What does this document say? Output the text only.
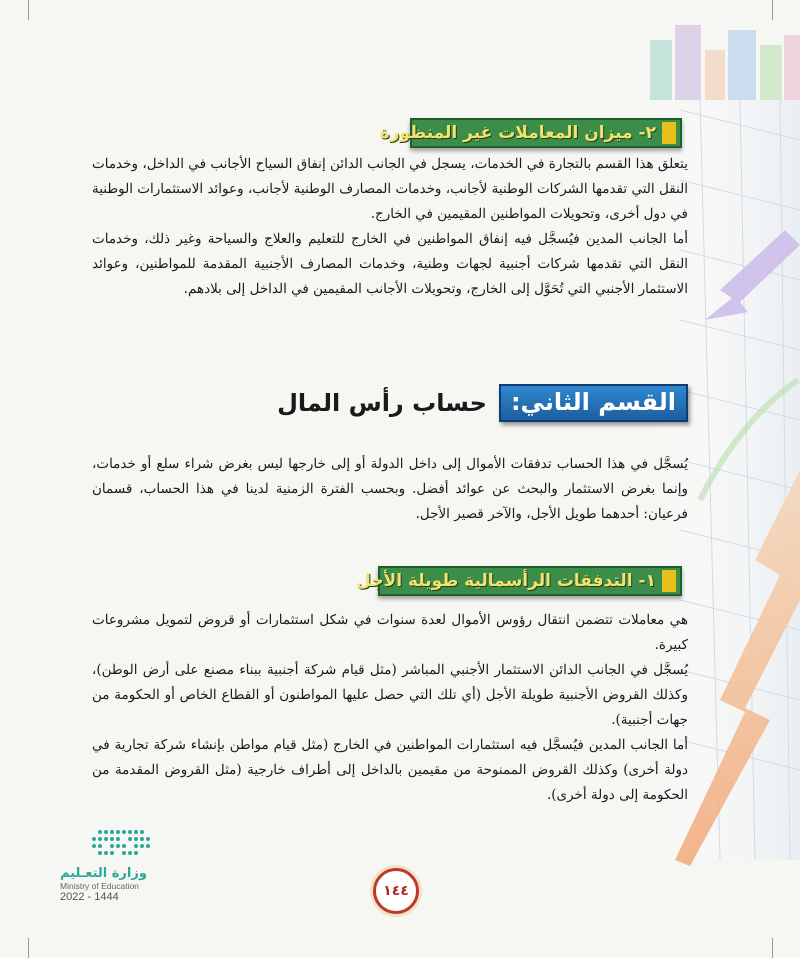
٢- ميزان المعاملات غير المنظورة

يتعلق هذا القسم بالتجارة في الخدمات، يسجل في الجانب الدائن إنفاق السياح الأجانب في الداخل، وخدمات النقل التي تقدمها الشركات الوطنية لأجانب، وخدمات المصارف الوطنية لأجانب، وعوائد الاستثمارات الوطنية في دول أخرى، وتحويلات المواطنين المقيمين في الخارج.

أما الجانب المدين فيُسجَّل فيه إنفاق المواطنين في الخارج للتعليم والعلاج والسياحة وغير ذلك، وخدمات النقل التي تقدمها شركات أجنبية لجهات وطنية، وخدمات المصارف الأجنبية المقدمة للمواطنين، وعوائد الاستثمار الأجنبي التي تُحَوَّل إلى الخارج، وتحويلات الأجانب المقيمين في الداخل إلى بلادهم.

القسم الثاني:
حساب رأس المال

يُسجَّل في هذا الحساب تدفقات الأموال إلى داخل الدولة أو إلى خارجها ليس بغرض شراء سلع أو خدمات، وإنما بغرض الاستثمار والبحث عن عوائد أفضل. وبحسب الفترة الزمنية لدينا في هذا الحساب، قسمان فرعيان: أحدهما طويل الأجل، والآخر قصير الأجل.

١- التدفقات الرأسمالية طويلة الأجل

هي معاملات تتضمن انتقال رؤوس الأموال لعدة سنوات في شكل استثمارات أو قروض لتمويل مشروعات كبيرة.

يُسجَّل في الجانب الدائن الاستثمار الأجنبي المباشر (مثل قيام شركة أجنبية ببناء مصنع على أرض الوطن)، وكذلك القروض الأجنبية طويلة الأجل (أي تلك التي حصل عليها المواطنون أو القطاع الخاص أو الحكومة من جهات أجنبية).

أما الجانب المدين فيُسجَّل فيه استثمارات المواطنين في الخارج (مثل قيام مواطن بإنشاء شركة تجارية في دولة أخرى) وكذلك القروض الممنوحة من مقيمين بالداخل إلى أطراف خارجية (مثل القروض المقدمة من الحكومة إلى دولة أخرى).

وزارة التعـليم
Ministry of Education
2022 - 1444	١٤٤
